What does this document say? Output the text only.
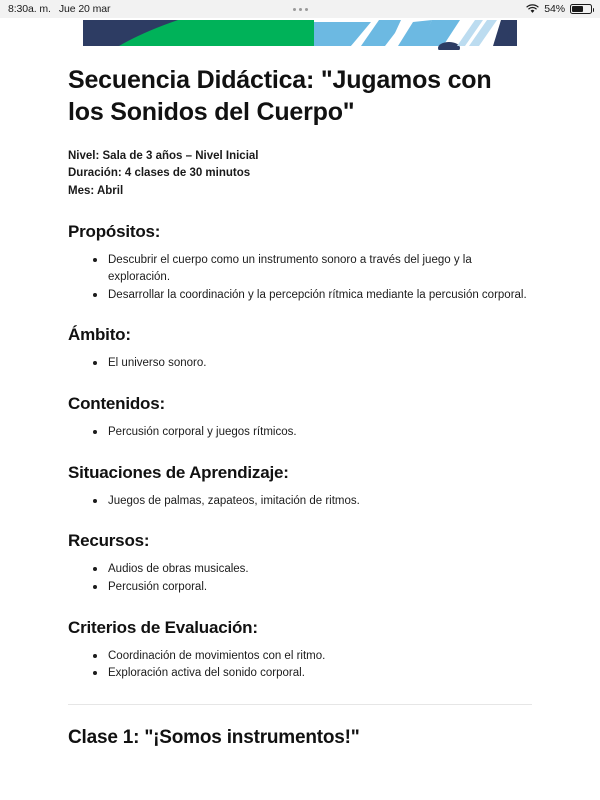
8:30a. m. Jue 20 mar	54%
Secuencia Didáctica: "Jugamos con los Sonidos del Cuerpo"
Nivel: Sala de 3 años – Nivel Inicial
Duración: 4 clases de 30 minutos
Mes: Abril
Propósitos:
Descubrir el cuerpo como un instrumento sonoro a través del juego y la exploración.
Desarrollar la coordinación y la percepción rítmica mediante la percusión corporal.
Ámbito:
El universo sonoro.
Contenidos:
Percusión corporal y juegos rítmicos.
Situaciones de Aprendizaje:
Juegos de palmas, zapateos, imitación de ritmos.
Recursos:
Audios de obras musicales.
Percusión corporal.
Criterios de Evaluación:
Coordinación de movimientos con el ritmo.
Exploración activa del sonido corporal.
Clase 1: "¡Somos instrumentos!"
